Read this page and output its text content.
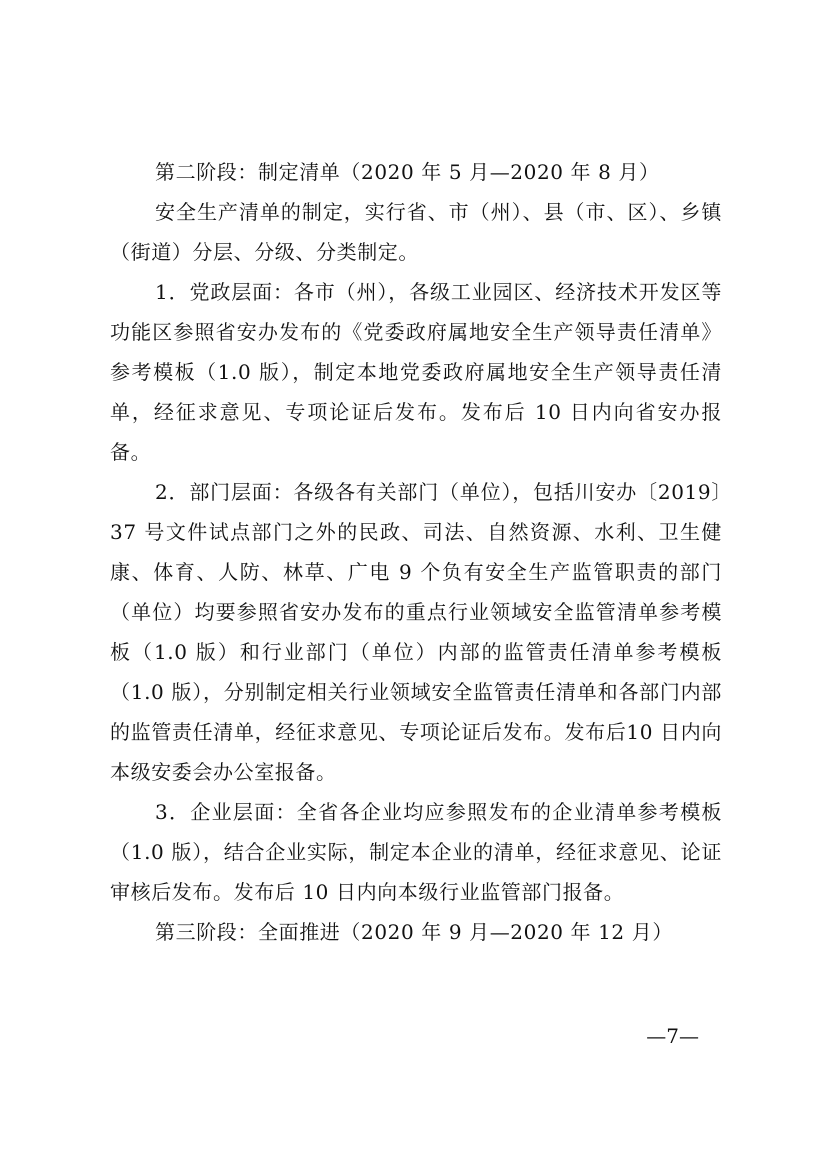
第二阶段：制定清单（2020 年 5 月—2020 年 8 月）

安全生产清单的制定，实行省、市（州）、县（市、区）、乡镇（街道）分层、分级、分类制定。

1．党政层面：各市（州），各级工业园区、经济技术开发区等功能区参照省安办发布的《党委政府属地安全生产领导责任清单》参考模板（1.0 版），制定本地党委政府属地安全生产领导责任清单，经征求意见、专项论证后发布。发布后 10 日内向省安办报备。

2．部门层面：各级各有关部门（单位），包括川安办〔2019〕37 号文件试点部门之外的民政、司法、自然资源、水利、卫生健康、体育、人防、林草、广电 9 个负有安全生产监管职责的部门（单位）均要参照省安办发布的重点行业领域安全监管清单参考模板（1.0 版）和行业部门（单位）内部的监管责任清单参考模板（1.0 版），分别制定相关行业领域安全监管责任清单和各部门内部的监管责任清单，经征求意见、专项论证后发布。发布后10 日内向本级安委会办公室报备。

3．企业层面：全省各企业均应参照发布的企业清单参考模板（1.0 版），结合企业实际，制定本企业的清单，经征求意见、论证审核后发布。发布后 10 日内向本级行业监管部门报备。

第三阶段：全面推进（2020 年 9 月—2020 年 12 月）

—7—
